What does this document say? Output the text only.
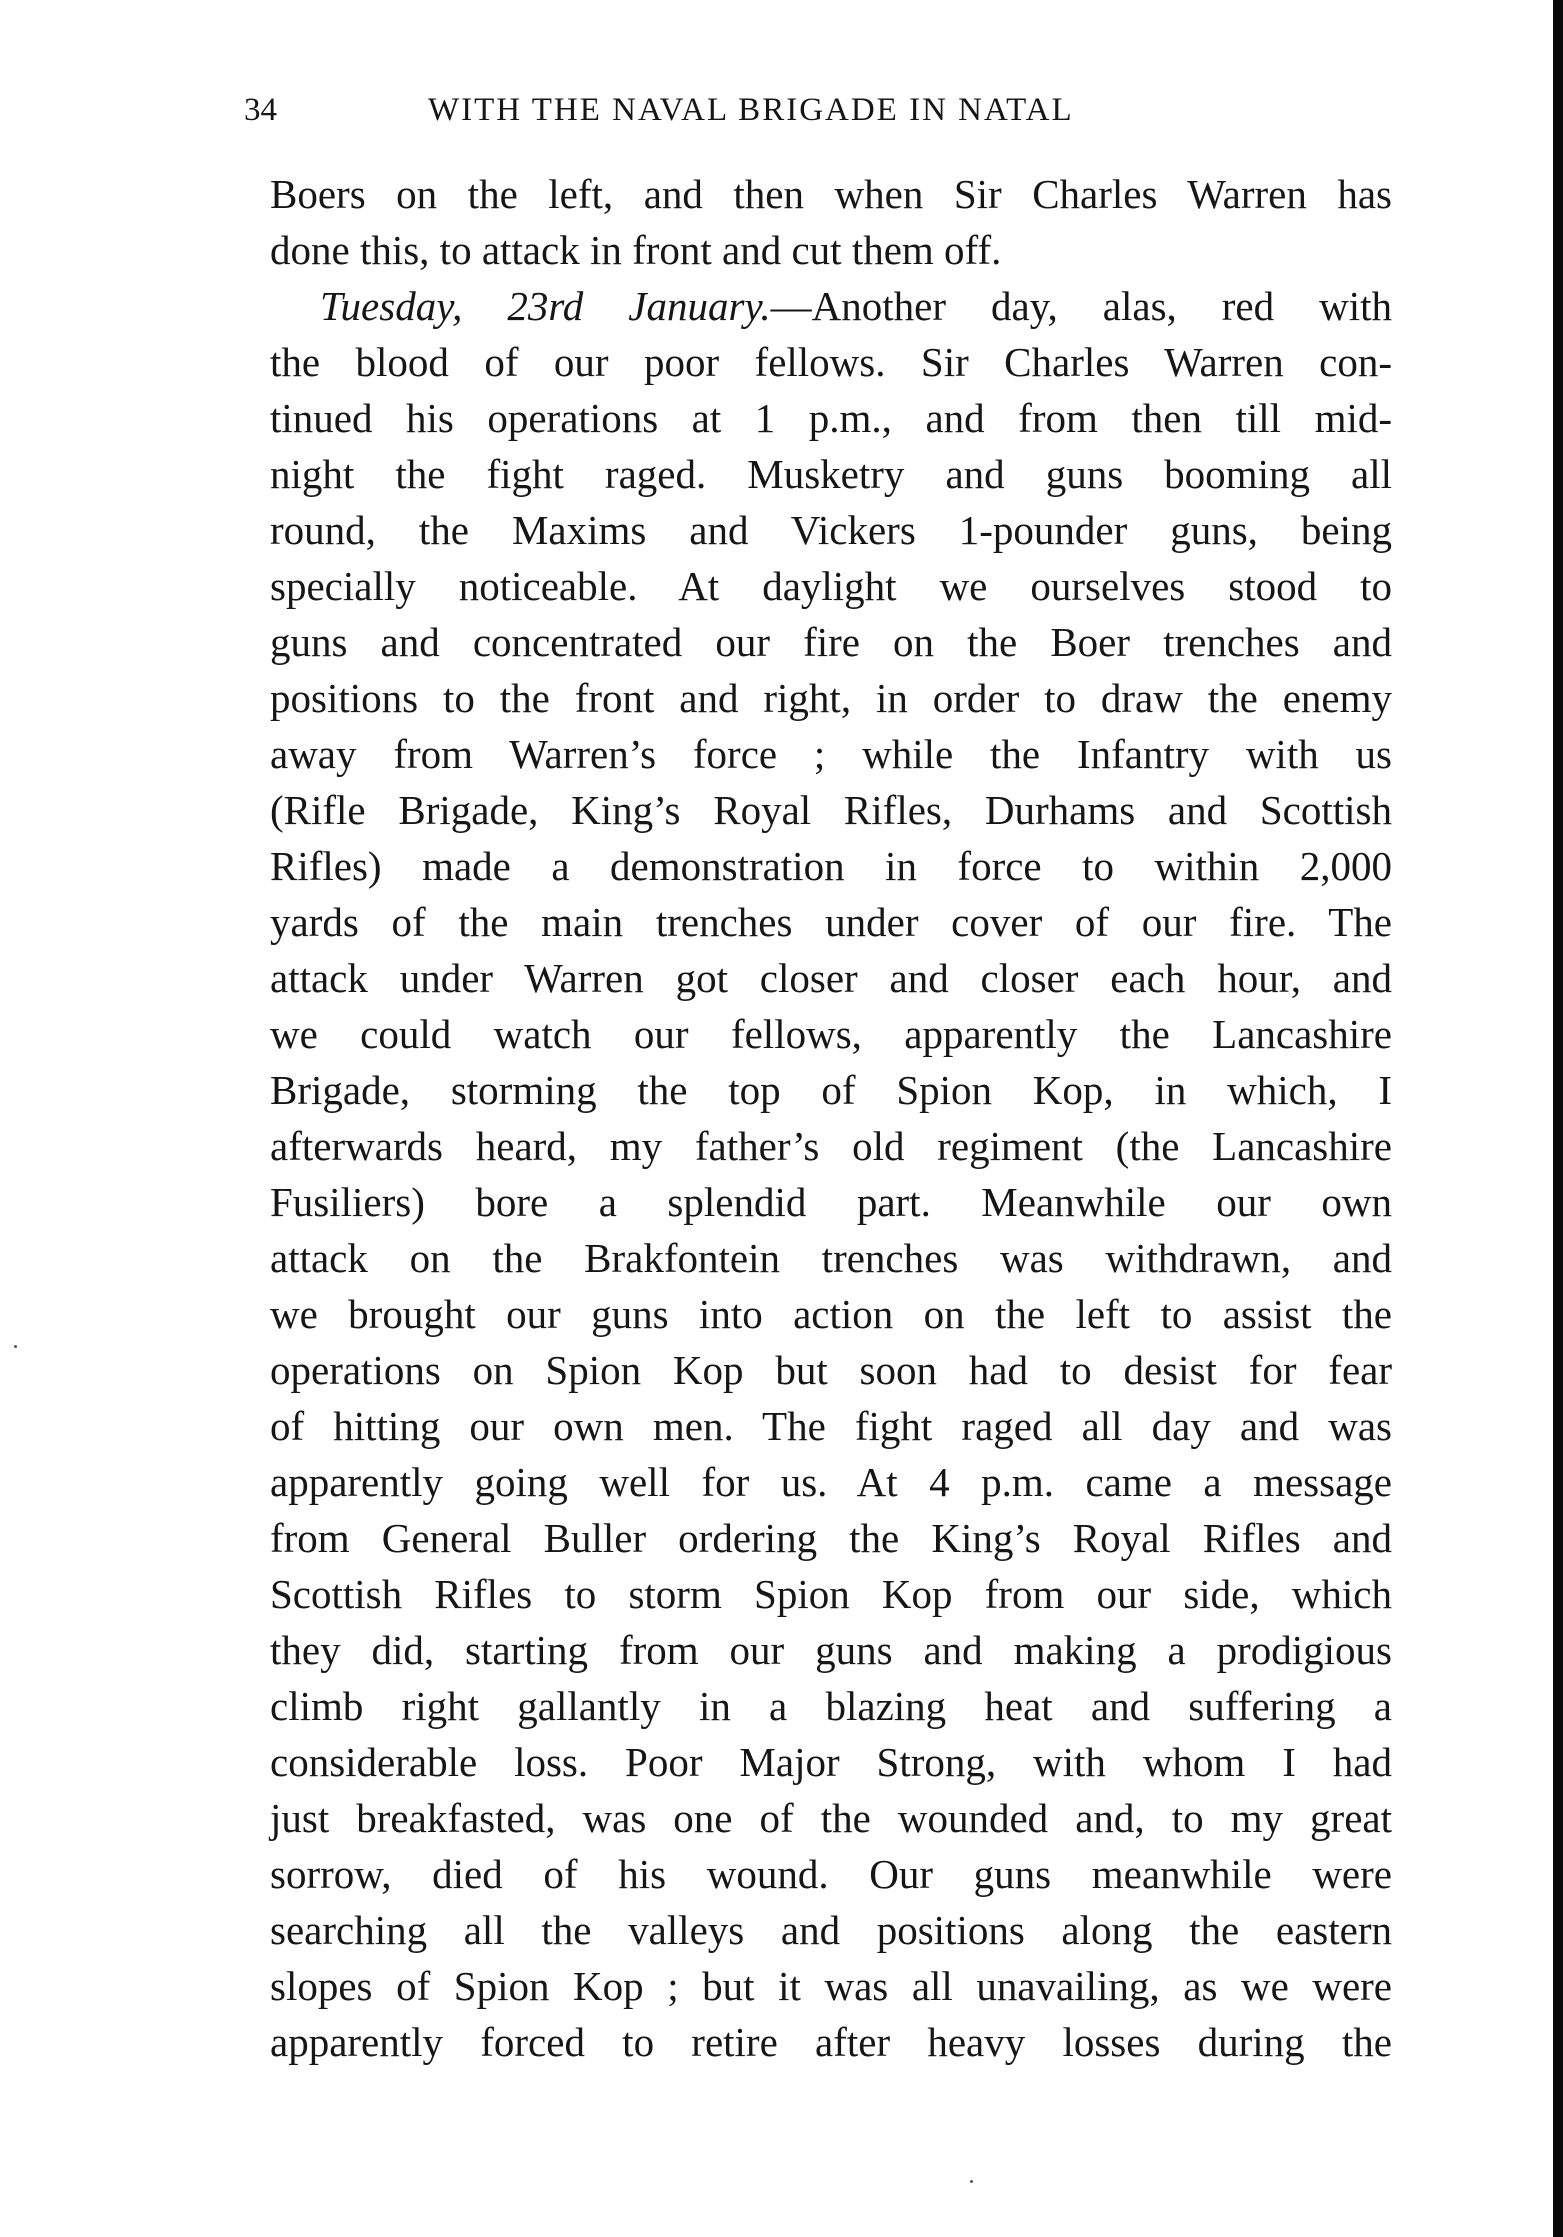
34	WITH THE NAVAL BRIGADE IN NATAL
Boers on the left, and then when Sir Charles Warren has
done this, to attack in front and cut them off.
Tuesday, 23rd January.—Another day, alas, red with
the blood of our poor fellows. Sir Charles Warren con-
tinued his operations at 1 p.m., and from then till mid-
night the fight raged. Musketry and guns booming all
round, the Maxims and Vickers 1-pounder guns, being
specially noticeable. At daylight we ourselves stood to
guns and concentrated our fire on the Boer trenches and
positions to the front and right, in order to draw the enemy
away from Warren’s force ; while the Infantry with us
(Rifle Brigade, King’s Royal Rifles, Durhams and Scottish
Rifles) made a demonstration in force to within 2,000
yards of the main trenches under cover of our fire. The
attack under Warren got closer and closer each hour, and
we could watch our fellows, apparently the Lancashire
Brigade, storming the top of Spion Kop, in which, I
afterwards heard, my father’s old regiment (the Lancashire
Fusiliers) bore a splendid part. Meanwhile our own
attack on the Brakfontein trenches was withdrawn, and
we brought our guns into action on the left to assist the
operations on Spion Kop but soon had to desist for fear
of hitting our own men. The fight raged all day and was
apparently going well for us. At 4 p.m. came a message
from General Buller ordering the King’s Royal Rifles and
Scottish Rifles to storm Spion Kop from our side, which
they did, starting from our guns and making a prodigious
climb right gallantly in a blazing heat and suffering a
considerable loss. Poor Major Strong, with whom I had
just breakfasted, was one of the wounded and, to my great
sorrow, died of his wound. Our guns meanwhile were
searching all the valleys and positions along the eastern
slopes of Spion Kop ; but it was all unavailing, as we were
apparently forced to retire after heavy losses during the
